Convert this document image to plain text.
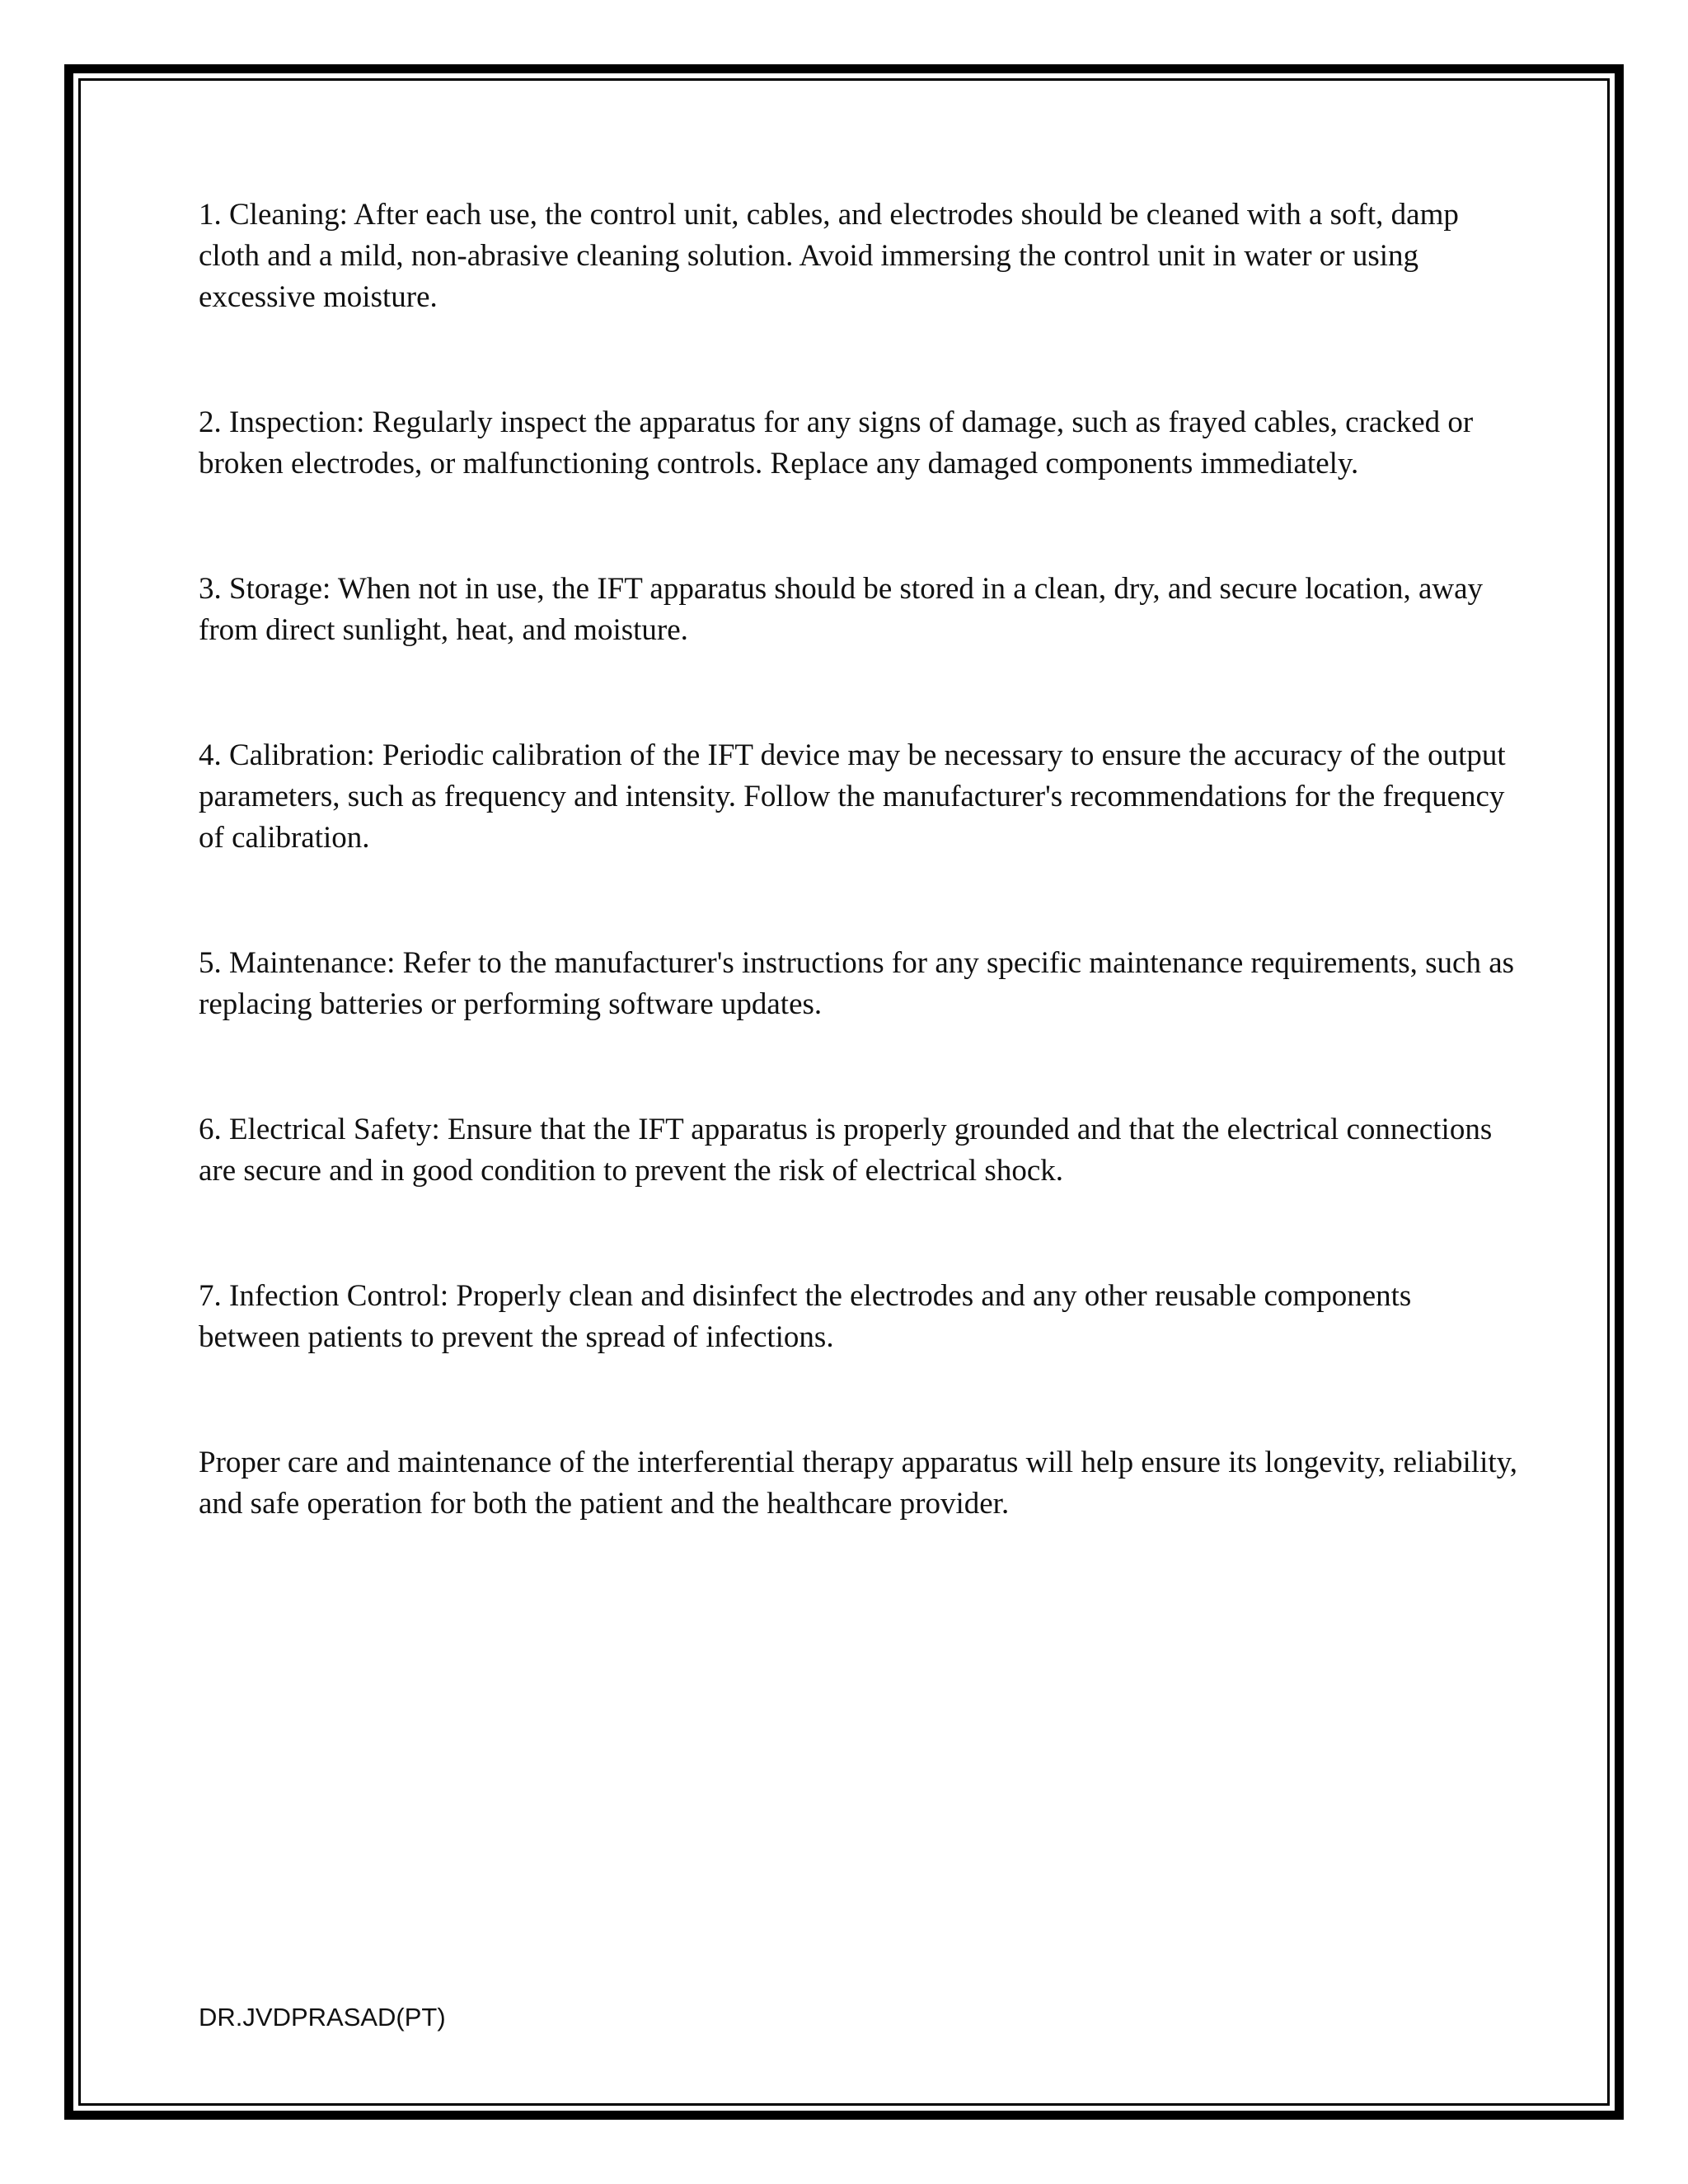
1. Cleaning: After each use, the control unit, cables, and electrodes should be cleaned with a soft, damp cloth and a mild, non-abrasive cleaning solution. Avoid immersing the control unit in water or using excessive moisture.

2. Inspection: Regularly inspect the apparatus for any signs of damage, such as frayed cables, cracked or broken electrodes, or malfunctioning controls. Replace any damaged components immediately.

3. Storage: When not in use, the IFT apparatus should be stored in a clean, dry, and secure location, away from direct sunlight, heat, and moisture.

4. Calibration: Periodic calibration of the IFT device may be necessary to ensure the accuracy of the output parameters, such as frequency and intensity. Follow the manufacturer's recommendations for the frequency of calibration.

5. Maintenance: Refer to the manufacturer's instructions for any specific maintenance requirements, such as replacing batteries or performing software updates.

6. Electrical Safety: Ensure that the IFT apparatus is properly grounded and that the electrical connections are secure and in good condition to prevent the risk of electrical shock.

7. Infection Control: Properly clean and disinfect the electrodes and any other reusable components between patients to prevent the spread of infections.

Proper care and maintenance of the interferential therapy apparatus will help ensure its longevity, reliability, and safe operation for both the patient and the healthcare provider.

DR.JVDPRASAD(PT)
